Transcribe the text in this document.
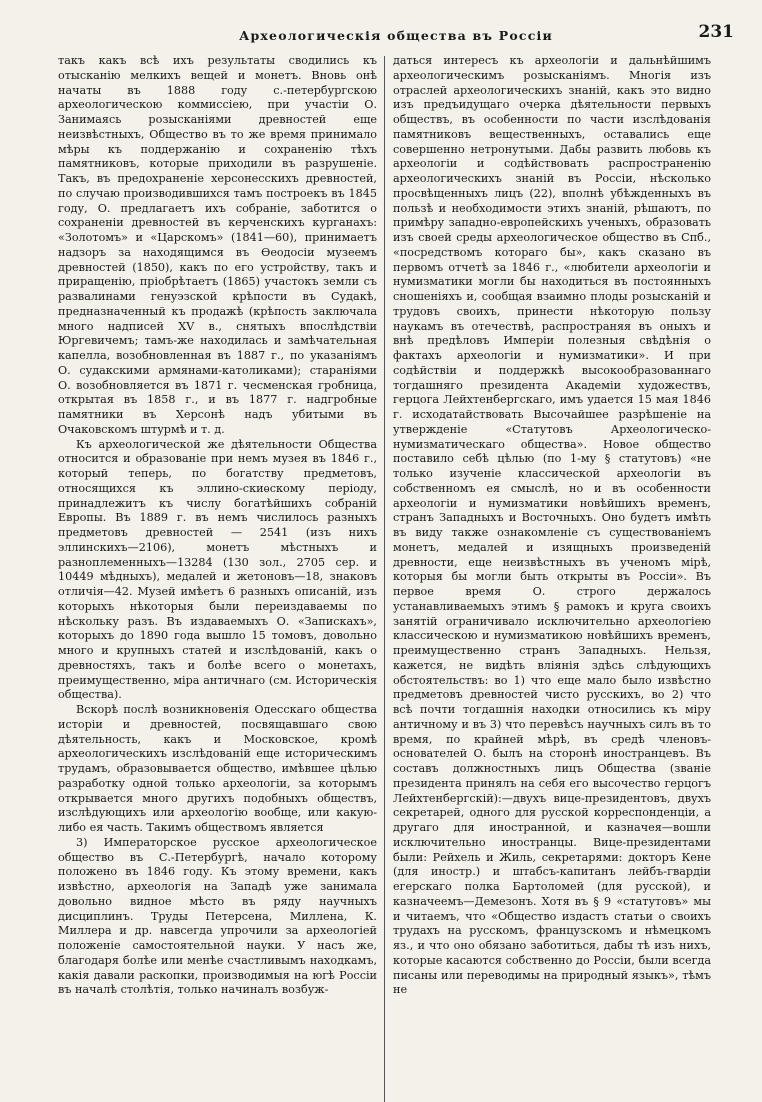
Археологическія общества въ Россіи	231

такъ какъ всѣ ихъ результаты сводились къ отысканію мелкихъ вещей и монетъ. Вновь онѣ начаты въ 1888 году с.-петербургскою археологическою коммиссіею, при участіи О. Занимаясь розысканіями древностей еще неизвѣстныхъ, Общество въ то же время принимало мѣры къ поддержанію и сохраненію тѣхъ памятниковъ, которые приходили въ разрушеніе. Такъ, въ предохраненіе херсонесскихъ древностей, по случаю производившихся тамъ построекъ въ 1845 году, О. предлагаетъ ихъ собраніе, заботится о сохраненіи древностей въ керченскихъ курганахъ: «Золотомъ» и «Царскомъ» (1841—60), принимаетъ надзоръ за находящимся въ Ѳеодосіи музеемъ древностей (1850), какъ по его устройству, такъ и приращенію, пріобрѣтаетъ (1865) участокъ земли съ развалинами генуэзской крѣпости въ Судакѣ, предназначенный къ продажѣ (крѣпость заключала много надписей XV в., снятыхъ впослѣдствіи Юргевичемъ; тамъ-же находилась и замѣчательная капелла, возобновленная въ 1887 г., по указаніямъ О. судакскими армянами-католиками); стараніями О. возобновляется въ 1871 г. чесменская гробница, открытая въ 1858 г., и въ 1877 г. надгробные памятники въ Херсонѣ надъ убитыми въ Очаковскомъ штурмѣ и т. д.

Къ археологической же дѣятельности Общества относится и образованіе при немъ музея въ 1846 г., который теперь, по богатству предметовъ, относящихся къ эллино-скиѳскому періоду, принадлежитъ къ числу богатѣйшихъ собраній Европы. Въ 1889 г. въ немъ числилось разныхъ предметовъ древностей — 2541 (изъ нихъ эллинскихъ—2106), монетъ мѣстныхъ и разноплеменныхъ—13284 (130 зол., 2705 сер. и 10449 мѣдныхъ), медалей и жетоновъ—18, знаковъ отличія—42. Музей имѣетъ 6 разныхъ описаній, изъ которыхъ нѣкоторыя были переиздаваемы по нѣскольку разъ. Въ издаваемыхъ О. «Запискахъ», которыхъ до 1890 года вышло 15 томовъ, довольно много и крупныхъ статей и изслѣдованій, какъ о древностяхъ, такъ и болѣе всего о монетахъ, преимущественно, міра античнаго (см. Историческія общества).

Вскорѣ послѣ возникновенія Одесскаго общества исторіи и древностей, посвящавшаго свою дѣятельность, какъ и Московское, кромѣ археологическихъ изслѣдованій еще историческимъ трудамъ, образовывается общество, имѣвшее цѣлью разработку одной только археологіи, за которымъ открывается много другихъ подобныхъ обществъ, изслѣдующихъ или археологію вообще, или какую-либо ея часть. Такимъ обществомъ является

3) Императорское русское археологическое общество въ С.-Петербургѣ, начало которому положено въ 1846 году. Къ этому времени, какъ извѣстно, археологія на Западѣ уже занимала довольно видное мѣсто въ ряду научныхъ дисциплинъ. Труды Петерсена, Миллена, К. Миллера и др. навсегда упрочили за археологіей положеніе самостоятельной науки. У насъ же, благодаря болѣе или менѣе счастливымъ находкамъ, какія давали раскопки, производимыя на югѣ Россіи въ началѣ столѣтія, только начиналъ возбуж-

даться интересъ къ археологіи и дальнѣйшимъ археологическимъ розысканіямъ. Многія изъ отраслей археологическихъ знаній, какъ это видно изъ предъидущаго очерка дѣятельности первыхъ обществъ, въ особенности по части изслѣдованія памятниковъ вещественныхъ, оставались еще совершенно нетронутыми. Дабы развить любовь къ археологіи и содѣйствовать распространенію археологическихъ знаній въ Россіи, нѣсколько просвѣщенныхъ лицъ (22), вполнѣ убѣжденныхъ въ пользѣ и необходимости этихъ знаній, рѣшаютъ, по примѣру западно-европейскихъ ученыхъ, образовать изъ своей среды археологическое общество въ Спб., «посредствомъ котораго бы», какъ сказано въ первомъ отчетѣ за 1846 г., «любители археологіи и нумизматики могли бы находиться въ постоянныхъ сношеніяхъ и, сообщая взаимно плоды розысканій и трудовъ своихъ, принести нѣкоторую пользу наукамъ въ отечествѣ, распространяя въ оныхъ и внѣ предѣловъ Имперіи полезныя свѣдѣнія о фактахъ археологіи и нумизматики». И при содѣйствіи и поддержкѣ высокообразованнаго тогдашняго президента Академіи художествъ, герцога Лейхтенбергскаго, имъ удается 15 мая 1846 г. исходатайствовать Высочайшее разрѣшеніе на утвержденіе «Статутовъ Археологическо-нумизматическаго общества». Новое общество поставило себѣ цѣлью (по 1-му § статутовъ) «не только изученіе классической археологіи въ собственномъ ея смыслѣ, но и въ особенности археологіи и нумизматики новѣйшихъ временъ, странъ Западныхъ и Восточныхъ. Оно будетъ имѣть въ виду также ознакомленіе съ существованіемъ монетъ, медалей и изящныхъ произведеній древности, еще неизвѣстныхъ въ ученомъ мірѣ, которыя бы могли быть открыты въ Россіи». Въ первое время О. строго держалось устанавливаемыхъ этимъ § рамокъ и круга своихъ занятій ограничивало исключительно археологіею классическою и нумизматикою новѣйшихъ временъ, преимущественно странъ Западныхъ. Нельзя, кажется, не видѣть вліянія здѣсь слѣдующихъ обстоятельствъ: во 1) что еще мало было извѣстно предметовъ древностей чисто русскихъ, во 2) что всѣ почти тогдашнія находки относились къ міру античному и въ 3) что перевѣсъ научныхъ силъ въ то время, по крайней мѣрѣ, въ средѣ членовъ-основателей О. былъ на сторонѣ иностранцевъ. Въ составъ должностныхъ лицъ Общества (званіе президента принялъ на себя его высочество герцогъ Лейхтенбергскій):—двухъ вице-президентовъ, двухъ секретарей, одного для русской корреспонденціи, а другаго для иностранной, и казначея—вошли исключительно иностранцы. Вице-президентами были: Рейхель и Жиль, секретарями: докторъ Кене (для иностр.) и штабсъ-капитанъ лейбъ-гвардіи егерскаго полка Бартоломей (для русской), и казначеемъ—Демезонъ. Хотя въ § 9 «статутовъ» мы и читаемъ, что «Общество издастъ статьи о своихъ трудахъ на русскомъ, французскомъ и нѣмецкомъ яз., и что оно обязано заботиться, дабы тѣ изъ нихъ, которые касаются собственно до Россіи, были всегда писаны или переводимы на природный языкъ», тѣмъ не
